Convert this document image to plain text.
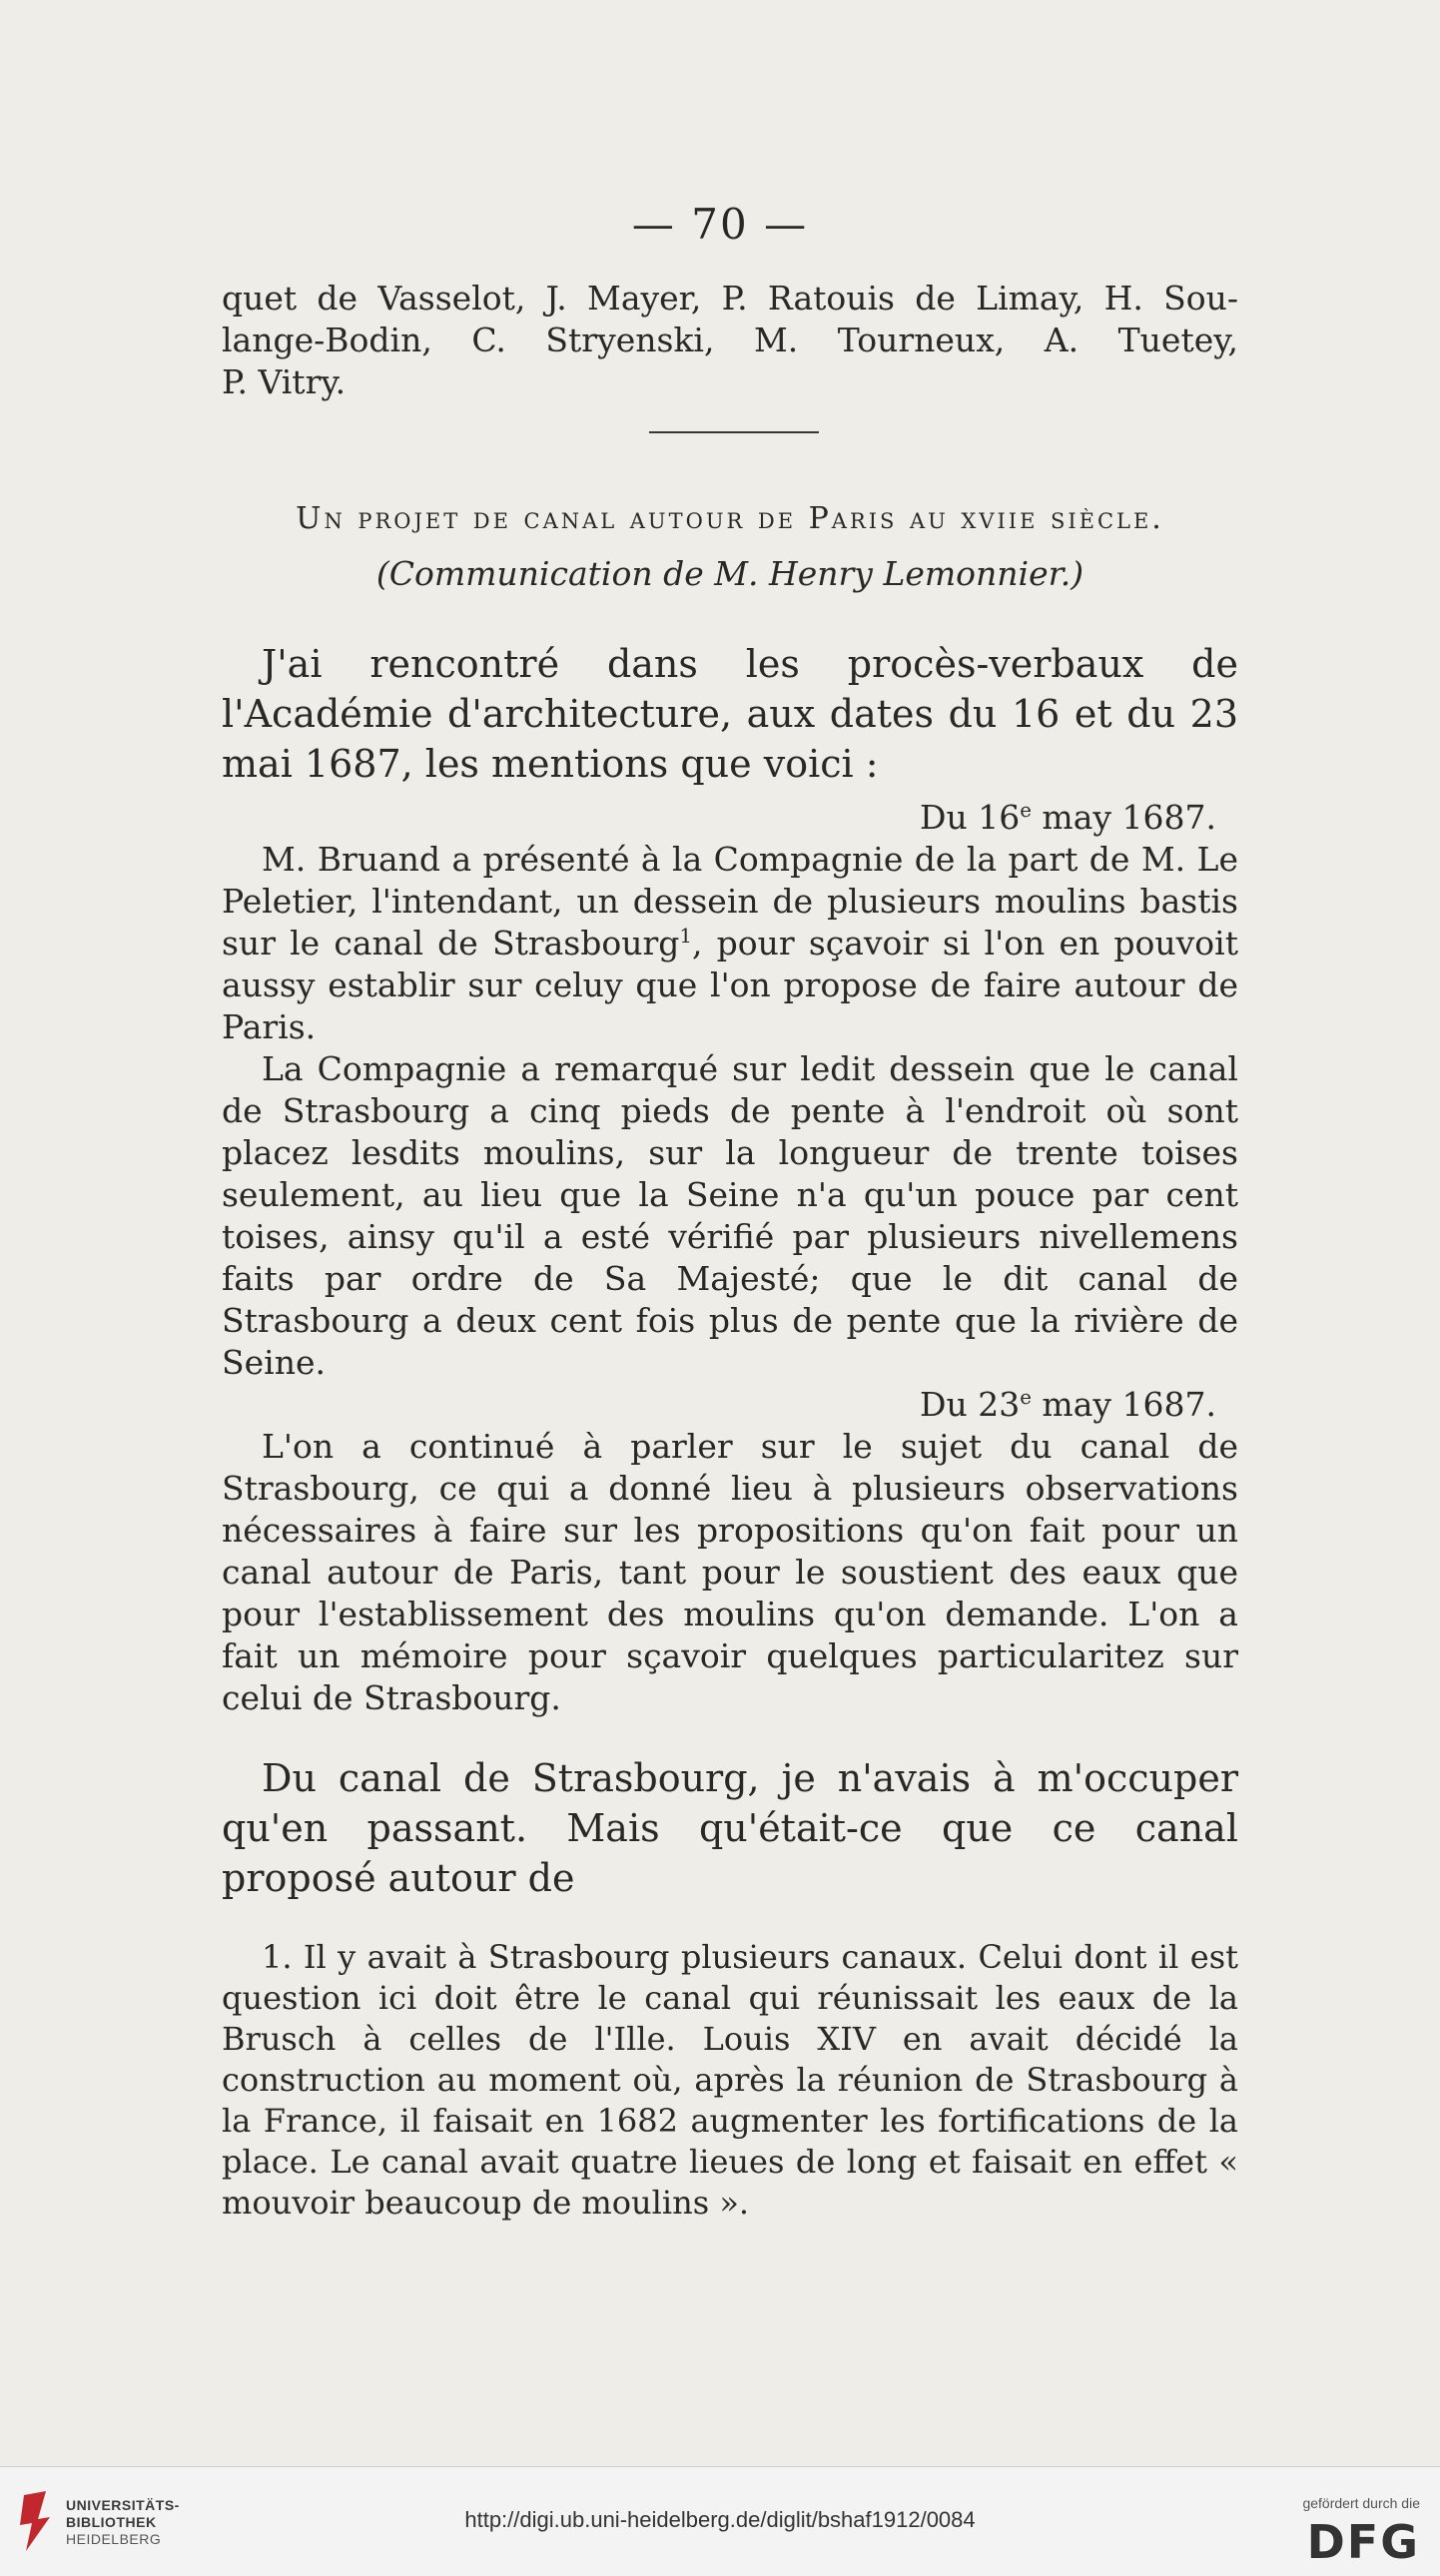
— 70 —
quet de Vasselot, J. Mayer, P. Ratouis de Limay, H. Sou-
lange-Bodin, C. Stryenski, M. Tourneux, A. Tuetey,
P. Vitry.
Un projet de canal autour de Paris au xviie siècle.
(Communication de M. Henry Lemonnier.)

J'ai rencontré dans les procès-verbaux de l'Académie d'architecture, aux dates du 16 et du 23 mai 1687, les mentions que voici :

Du 16e may 1687.

M. Bruand a présenté à la Compagnie de la part de M. Le Peletier, l'intendant, un dessein de plusieurs moulins bastis sur le canal de Strasbourg$^1$, pour sçavoir si l'on en pouvoit aussy establir sur celuy que l'on propose de faire autour de Paris.

La Compagnie a remarqué sur ledit dessein que le canal de Strasbourg a cinq pieds de pente à l'endroit où sont placez lesdits moulins, sur la longueur de trente toises seulement, au lieu que la Seine n'a qu'un pouce par cent toises, ainsy qu'il a esté vérifié par plusieurs nivellemens faits par ordre de Sa Majesté; que le dit canal de Strasbourg a deux cent fois plus de pente que la rivière de Seine.

Du 23e may 1687.

L'on a continué à parler sur le sujet du canal de Strasbourg, ce qui a donné lieu à plusieurs observations nécessaires à faire sur les propositions qu'on fait pour un canal autour de Paris, tant pour le soustient des eaux que pour l'establissement des moulins qu'on demande. L'on a fait un mémoire pour sçavoir quelques particularitez sur celui de Strasbourg.

Du canal de Strasbourg, je n'avais à m'occuper qu'en passant. Mais qu'était-ce que ce canal proposé autour de

1. Il y avait à Strasbourg plusieurs canaux. Celui dont il est question ici doit être le canal qui réunissait les eaux de la Brusch à celles de l'Ille. Louis XIV en avait décidé la construction au moment où, après la réunion de Strasbourg à la France, il faisait en 1682 augmenter les fortifications de la place. Le canal avait quatre lieues de long et faisait en effet « mouvoir beaucoup de moulins ».

UNIVERSITÄTS-
BIBLIOTHEK
HEIDELBERG
http://digi.ub.uni-heidelberg.de/diglit/bshaf1912/0084
gefördert durch die
DFG
